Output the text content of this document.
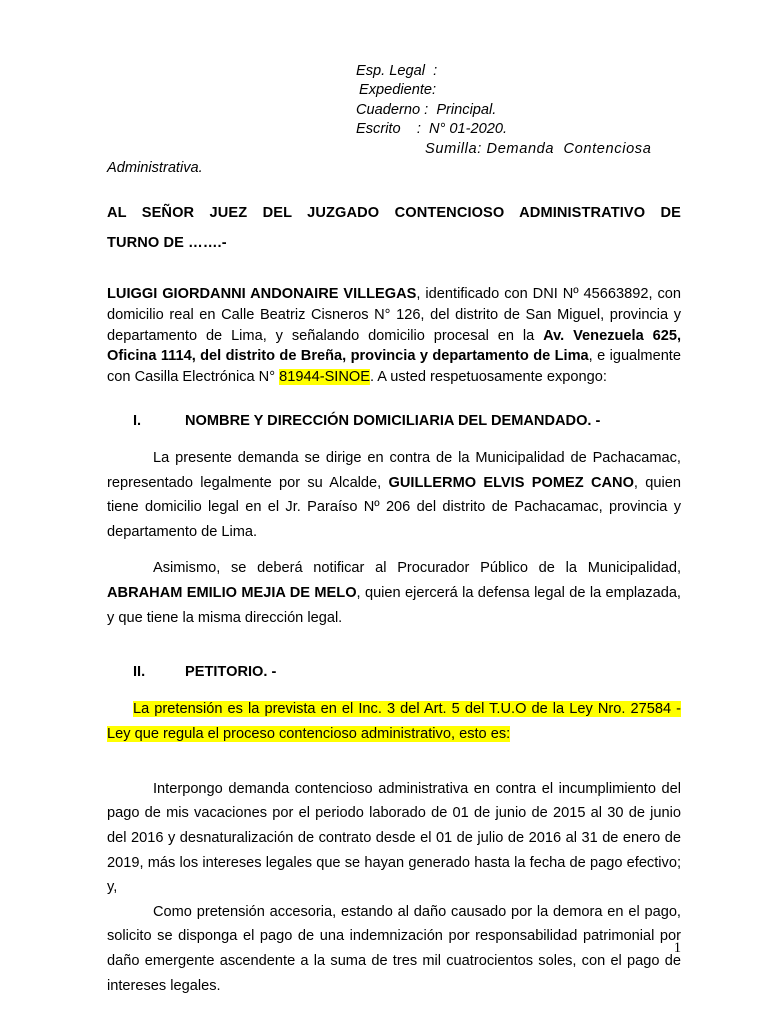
Esp. Legal  :
Expediente:
Cuaderno :  Principal.
Escrito    :  N° 01-2020.
Sumilla: Demanda  Contenciosa
Administrativa.
AL SEÑOR JUEZ DEL JUZGADO CONTENCIOSO ADMINISTRATIVO DE
TURNO DE …….-

LUIGGI GIORDANNI ANDONAIRE VILLEGAS, identificado con DNI Nº 45663892, con domicilio real en Calle Beatriz Cisneros N° 126, del distrito de San Miguel, provincia y departamento de Lima, y señalando domicilio procesal en la Av. Venezuela 625, Oficina 1114, del distrito de Breña, provincia y departamento de Lima, e igualmente con Casilla Electrónica N° 81944-SINOE. A usted respetuosamente expongo:

I.	NOMBRE Y DIRECCIÓN DOMICILIARIA DEL DEMANDADO. -

La presente demanda se dirige en contra de la Municipalidad de Pachacamac, representado legalmente por su Alcalde, GUILLERMO ELVIS POMEZ CANO, quien tiene domicilio legal en el Jr. Paraíso Nº 206 del distrito de Pachacamac, provincia y departamento de Lima.

Asimismo, se deberá notificar al Procurador Público de la Municipalidad, ABRAHAM EMILIO MEJIA DE MELO, quien ejercerá la defensa legal de la emplazada, y que tiene la misma dirección legal.

II.	PETITORIO. -

La pretensión es la prevista en el Inc. 3 del Art. 5 del T.U.O de la Ley Nro. 27584 - Ley que regula el proceso contencioso administrativo, esto es:

Interpongo demanda contencioso administrativa en contra el incumplimiento del pago de mis vacaciones por el periodo laborado de 01 de junio de 2015 al 30 de junio del 2016 y desnaturalización de contrato desde el 01 de julio de 2016 al 31 de enero de 2019, más los intereses legales que se hayan generado hasta la fecha de pago efectivo; y,

Como pretensión accesoria, estando al daño causado por la demora en el pago, solicito se disponga el pago de una indemnización por responsabilidad patrimonial por daño emergente ascendente a la suma de tres mil cuatrocientos soles, con el pago de intereses legales.

1
